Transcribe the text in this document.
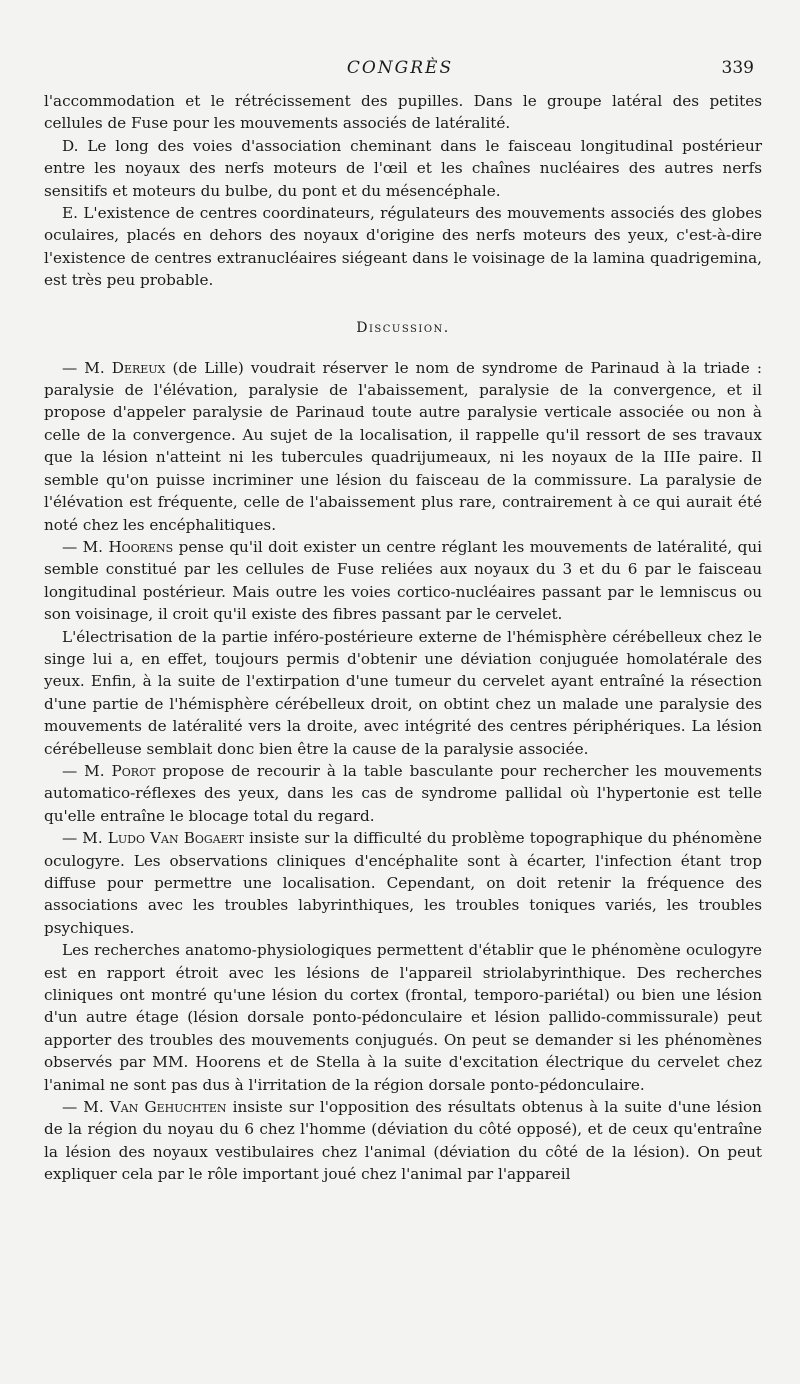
CONGRÈS	339

l'accommodation et le rétrécissement des pupilles. Dans le groupe latéral des petites cellules de Fuse pour les mouvements associés de latéralité.

D. Le long des voies d'association cheminant dans le faisceau longitudinal postérieur entre les noyaux des nerfs moteurs de l'œil et les chaînes nucléaires des autres nerfs sensitifs et moteurs du bulbe, du pont et du mésencéphale.

E. L'existence de centres coordinateurs, régulateurs des mouvements associés des globes oculaires, placés en dehors des noyaux d'origine des nerfs moteurs des yeux, c'est-à-dire l'existence de centres extranucléaires siégeant dans le voisinage de la lamina quadrigemina, est très peu probable.

Discussion.

— M. Dereux (de Lille) voudrait réserver le nom de syndrome de Parinaud à la triade : paralysie de l'élévation, paralysie de l'abaissement, paralysie de la convergence, et il propose d'appeler paralysie de Parinaud toute autre paralysie verticale associée ou non à celle de la convergence. Au sujet de la localisation, il rappelle qu'il ressort de ses travaux que la lésion n'atteint ni les tubercules quadrijumeaux, ni les noyaux de la IIIe paire. Il semble qu'on puisse incriminer une lésion du faisceau de la commissure. La paralysie de l'élévation est fréquente, celle de l'abaissement plus rare, contrairement à ce qui aurait été noté chez les encéphalitiques.

— M. Hoorens pense qu'il doit exister un centre réglant les mouvements de latéralité, qui semble constitué par les cellules de Fuse reliées aux noyaux du 3 et du 6 par le faisceau longitudinal postérieur. Mais outre les voies cortico-nucléaires passant par le lemniscus ou son voisinage, il croit qu'il existe des fibres passant par le cervelet.

L'électrisation de la partie inféro-postérieure externe de l'hémisphère cérébelleux chez le singe lui a, en effet, toujours permis d'obtenir une déviation conjuguée homolatérale des yeux. Enfin, à la suite de l'extirpation d'une tumeur du cervelet ayant entraîné la résection d'une partie de l'hémisphère cérébelleux droit, on obtint chez un malade une paralysie des mouvements de latéralité vers la droite, avec intégrité des centres périphériques. La lésion cérébelleuse semblait donc bien être la cause de la paralysie associée.

— M. Porot propose de recourir à la table basculante pour rechercher les mouvements automatico-réflexes des yeux, dans les cas de syndrome pallidal où l'hypertonie est telle qu'elle entraîne le blocage total du regard.

— M. Ludo Van Bogaert insiste sur la difficulté du problème topographique du phénomène oculogyre. Les observations cliniques d'encéphalite sont à écarter, l'infection étant trop diffuse pour permettre une localisation. Cependant, on doit retenir la fréquence des associations avec les troubles labyrinthiques, les troubles toniques variés, les troubles psychiques.

Les recherches anatomo-physiologiques permettent d'établir que le phénomène oculogyre est en rapport étroit avec les lésions de l'appareil striolabyrinthique. Des recherches cliniques ont montré qu'une lésion du cortex (frontal, temporo-pariétal) ou bien une lésion d'un autre étage (lésion dorsale ponto-pédonculaire et lésion pallido-commissurale) peut apporter des troubles des mouvements conjugués. On peut se demander si les phénomènes observés par MM. Hoorens et de Stella à la suite d'excitation électrique du cervelet chez l'animal ne sont pas dus à l'irritation de la région dorsale ponto-pédonculaire.

— M. Van Gehuchten insiste sur l'opposition des résultats obtenus à la suite d'une lésion de la région du noyau du 6 chez l'homme (déviation du côté opposé), et de ceux qu'entraîne la lésion des noyaux vestibulaires chez l'animal (déviation du côté de la lésion). On peut expliquer cela par le rôle important joué chez l'animal par l'appareil
